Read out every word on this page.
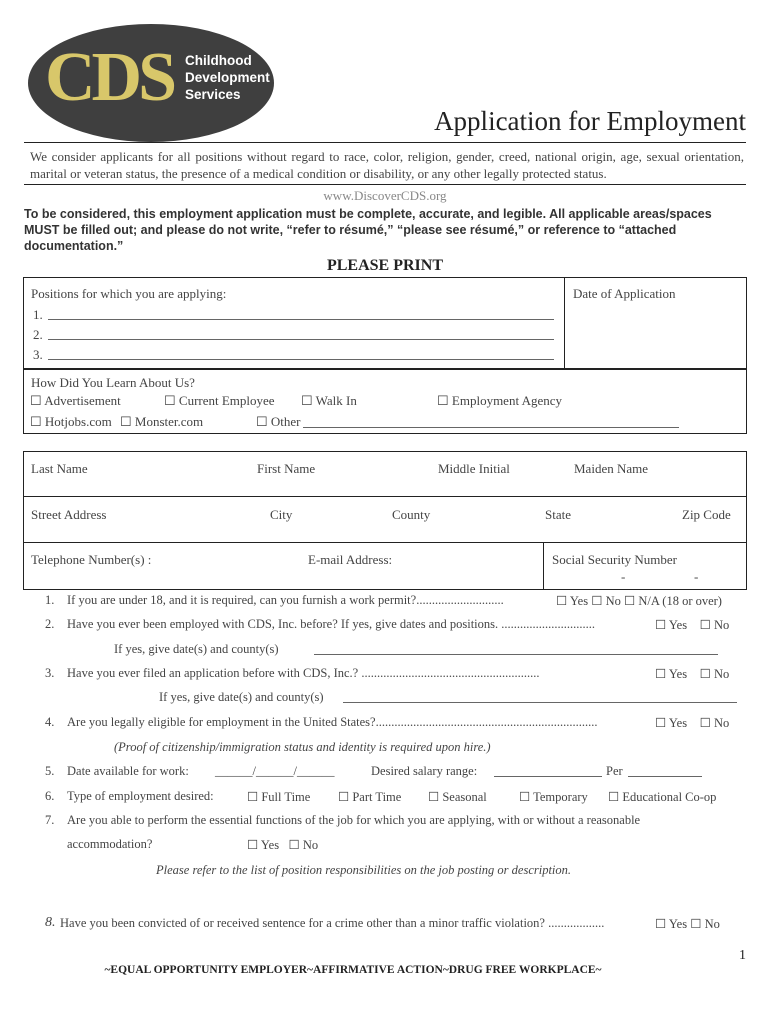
CDS Childhood
Development
Services
Application for Employment
We consider applicants for all positions without regard to race, color, religion, gender, creed, national origin, age, sexual orientation, marital or veteran status, the presence of a medical condition or disability, or any other legally protected status.
www.DiscoverCDS.org
To be considered, this employment application must be complete, accurate, and legible. All applicable areas/spaces MUST be filled out; and please do not write, “refer to résumé,” “please see résumé,” or reference to “attached documentation.”
PLEASE PRINT
Positions for which you are applying:	Date of Application
1.
2.
3.
How Did You Learn About Us?
☐ Advertisement ☐	Current Employee ☐	Walk In ☐	Employment Agency
☐ Hotjobs.com ☐	Monster.com ☐	Other
Last Name	First Name	Middle Initial	Maiden Name
Street Address	City	County	State	Zip Code
Telephone Number(s) :	E-mail Address:	Social Security Number
-	-
1. If you are under 18, and it is required, can you furnish a work permit?............................ ☐	Yes ☐ No ☐ N/A (18 or over)
2. Have you ever been employed with CDS, Inc. before? If yes, give dates and positions. .............................. ☐	Yes ☐ No
If yes, give date(s) and county(s)
3. Have you ever filed an application before with CDS, Inc.? ......................................................... ☐	Yes ☐ No
If yes, give date(s) and county(s)
4. Are you legally eligible for employment in the United States?....................................................................... ☐	Yes ☐ No
(Proof of citizenship/immigration status and identity is required upon hire.)
5. Date available for work: ______/______/______	Desired salary range:	Per
6. Type of employment desired: ☐	Full Time ☐	Part Time ☐	Seasonal ☐	Temporary ☐	Educational Co-op
7. Are you able to perform the essential functions of the job for which you are applying, with or without a reasonable
accommodation? ☐	Yes ☐ No
Please refer to the list of position responsibilities on the job posting or description.
8. Have you been convicted of or received sentence for a crime other than a minor traffic violation? .................. ☐	Yes ☐ No
1
~EQUAL OPPORTUNITY EMPLOYER~AFFIRMATIVE ACTION~DRUG FREE WORKPLACE~
